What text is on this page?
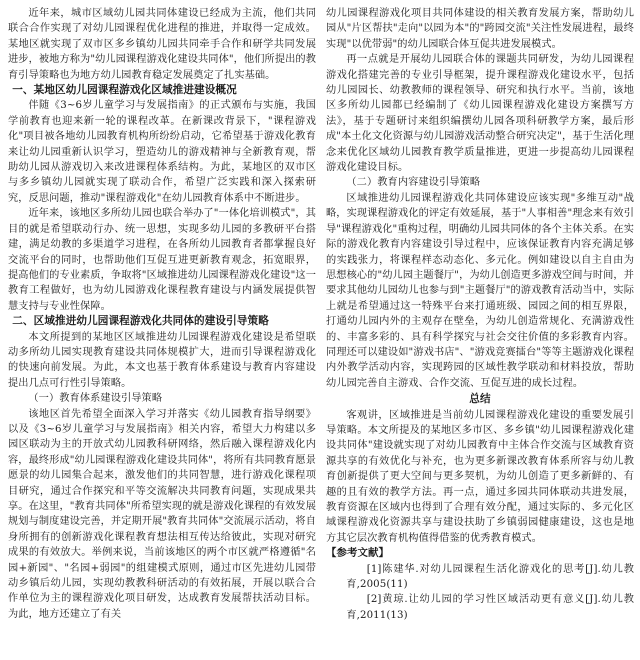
近年来，城市区域幼儿园共同体建设已经成为主流，他们共同联合合作实现了对幼儿园课程优化进程的推进，并取得一定成效。某地区就实现了双市区多乡镇幼儿园共同牵手合作和研学共同发展进步，被地方称为"幼儿园课程游戏化建设共同体"，他们所提出的教育引导策略也为地方幼儿园教育稳定发展奠定了扎实基础。

一、某地区幼儿园课程游戏化区域推进建设概况

伴随《3~6岁儿童学习与发展指南》的正式颁布与实施，我国学前教育也迎来新一轮的课程改革。在新课改背景下，"课程游戏化"项目被各地幼儿园教育机构所纷纷启动，它希望基于游戏化教育来让幼儿园重新认识学习，塑造幼儿的游戏精神与全新教育观，帮助幼儿园从游戏切入来改进课程体系结构。为此，某地区的双市区与多乡镇幼儿园就实现了联动合作，希望广泛实践和深入探索研究，反思问题，推动"课程游戏化"在幼儿园教育体系中不断进步。

近年来，该地区多所幼儿园也联合举办了"一体化培训模式"，其目的就是希望联动行办、统一思想，实现多幼儿园的多教研平台搭建，满足幼教的多渠道学习进程，在各所幼儿园教育者都掌握良好交流平台的同时，也帮助他们互促互进更新教育观念，拓宽眼界，提高他们的专业素质，争取将"区域推进幼儿园课程游戏化建设"这一教育工程做好，也为幼儿园游戏化课程教育建设与内涵发展提供智慧支持与专业性保障。

二、区域推进幼儿园课程游戏化共同体的建设引导策略

本文所提到的某地区区域推进幼儿园课程游戏化建设是希望联动多所幼儿园实现教育建设共同体规模扩大，进而引导课程游戏化的快速向前发展。为此，本文也基于教育体系建设与教育内容建设提出几点可行性引导策略。

（一）教育体系建设引导策略

该地区首先希望全面深入学习并落实《幼儿园教育指导纲要》以及《3~6岁儿童学习与发展指南》相关内容，希望大力构建以多园区联动为主的开放式幼儿园教科研网络，然后融入课程游戏化内容，最终形成"幼儿园课程游戏化建设共同体"，将所有共同教育愿景愿景的幼儿园集合起来，激发他们的共同智慧，进行游戏化课程项目研究，通过合作探究和平等交流解决共同教育问题，实现成果共享。在这里，"教育共同体"所希望实现的就是游戏化课程的有效发展规划与制度建设完善，并定期开展"教育共同体"交流展示活动，将自身所拥有的创新游戏化课程教育想法相互传达给彼此，实现对研究成果的有效放大。举例来说，当前该地区的两个市区就严格遵循"名园+新园"、"名园+弱园"的组建模式原则，通过市区先进幼儿园带动乡镇后幼儿园，实现幼教教科研活动的有效拓展，开展以联合合作单位为主的课程游戏化项目研发，达成教育发展帮扶活动目标。为此，地方还建立了有关

幼儿园课程游戏化项目共同体建设的相关教育发展方案，帮助幼儿园从"片区帮扶"走向"以园为本"的"跨园交流"关注性发展进程，最终实现"以优带弱"的幼儿园联合体互促共进发展模式。

再一点就是开展幼儿园联合体的课题共同研发，为幼儿园课程游戏化搭建完善的专业引导框架，提升课程游戏化建设水平，包括幼儿园园长、幼教教师的课程领导、研究和执行水平。当前，该地区多所幼儿园都已经编制了《幼儿园课程游戏化建设方案撰写方法》，基于专题研讨来组织编撰幼儿园各项科研教学方案，最后形成"本土化文化资源与幼儿园游戏活动整合研究决定"，基于生活化理念来优化区域幼儿园教育教学质量推进，更进一步提高幼儿园课程游戏化建设目标。

（二）教育内容建设引导策略

区域推进幼儿园课程游戏化共同体建设应该实现"多维互动"战略，实现课程游戏化的评定有效延展，基于"人事相善"理念来有效引导"课程游戏化"重构过程，明确幼儿园共同体的各个主体关系。在实际的游戏化教育内容建设引导过程中，应该保证教育内容充满足够的实践张力，将课程样态动态化、多元化。例如建设以自主自由为思想核心的"幼儿园主题餐厅"，为幼儿创造更多游戏空间与时间，并要求其他幼儿园幼儿也参与到"主题餐厅"的游戏教育活动当中，实际上就是希望通过这一特殊平台来打通班级、园园之间的相互界限，打通幼儿园内外的主观存在壁垒，为幼儿创造常规化、充满游戏性的、丰富多彩的、具有科学探究与社会交往价值的多彩教育内容。同理还可以建设如"游戏书店"、"游戏竞赛擂台"等等主题游戏化课程内外教学活动内容，实现跨园的区域性教学联动和材料投放，帮助幼儿园完善自主游戏、合作交流、互促互进的成长过程。

总结

客观讲，区域推进是当前幼儿园课程游戏化建设的重要发展引导策略。本文所提及的某地区多市区、多乡镇"幼儿园课程游戏化建设共同体"建设就实现了对幼儿园教育中主体合作交流与区域教育资源共享的有效优化与补充，也为更多新课改教育体系所容与幼儿教育创新提供了更大空间与更多契机，为幼儿创造了更多新鲜的、有趣的且有效的教学方法。再一点，通过多园共同体联动共进发展，教育资源在区域内也得到了合理有效分配，通过实际的、多元化区域课程游戏化资源共享与建设扶助了乡镇弱园健康建设，这也是地方其它层次教育机构值得借鉴的优秀教育模式。

【参考文献】

[1]陈建华.对幼儿园课程生活化游戏化的思考[J].幼儿教育,2005(11)

[2]黄琼.让幼儿园的学习性区域活动更有意义[J].幼儿教育,2011(13)
